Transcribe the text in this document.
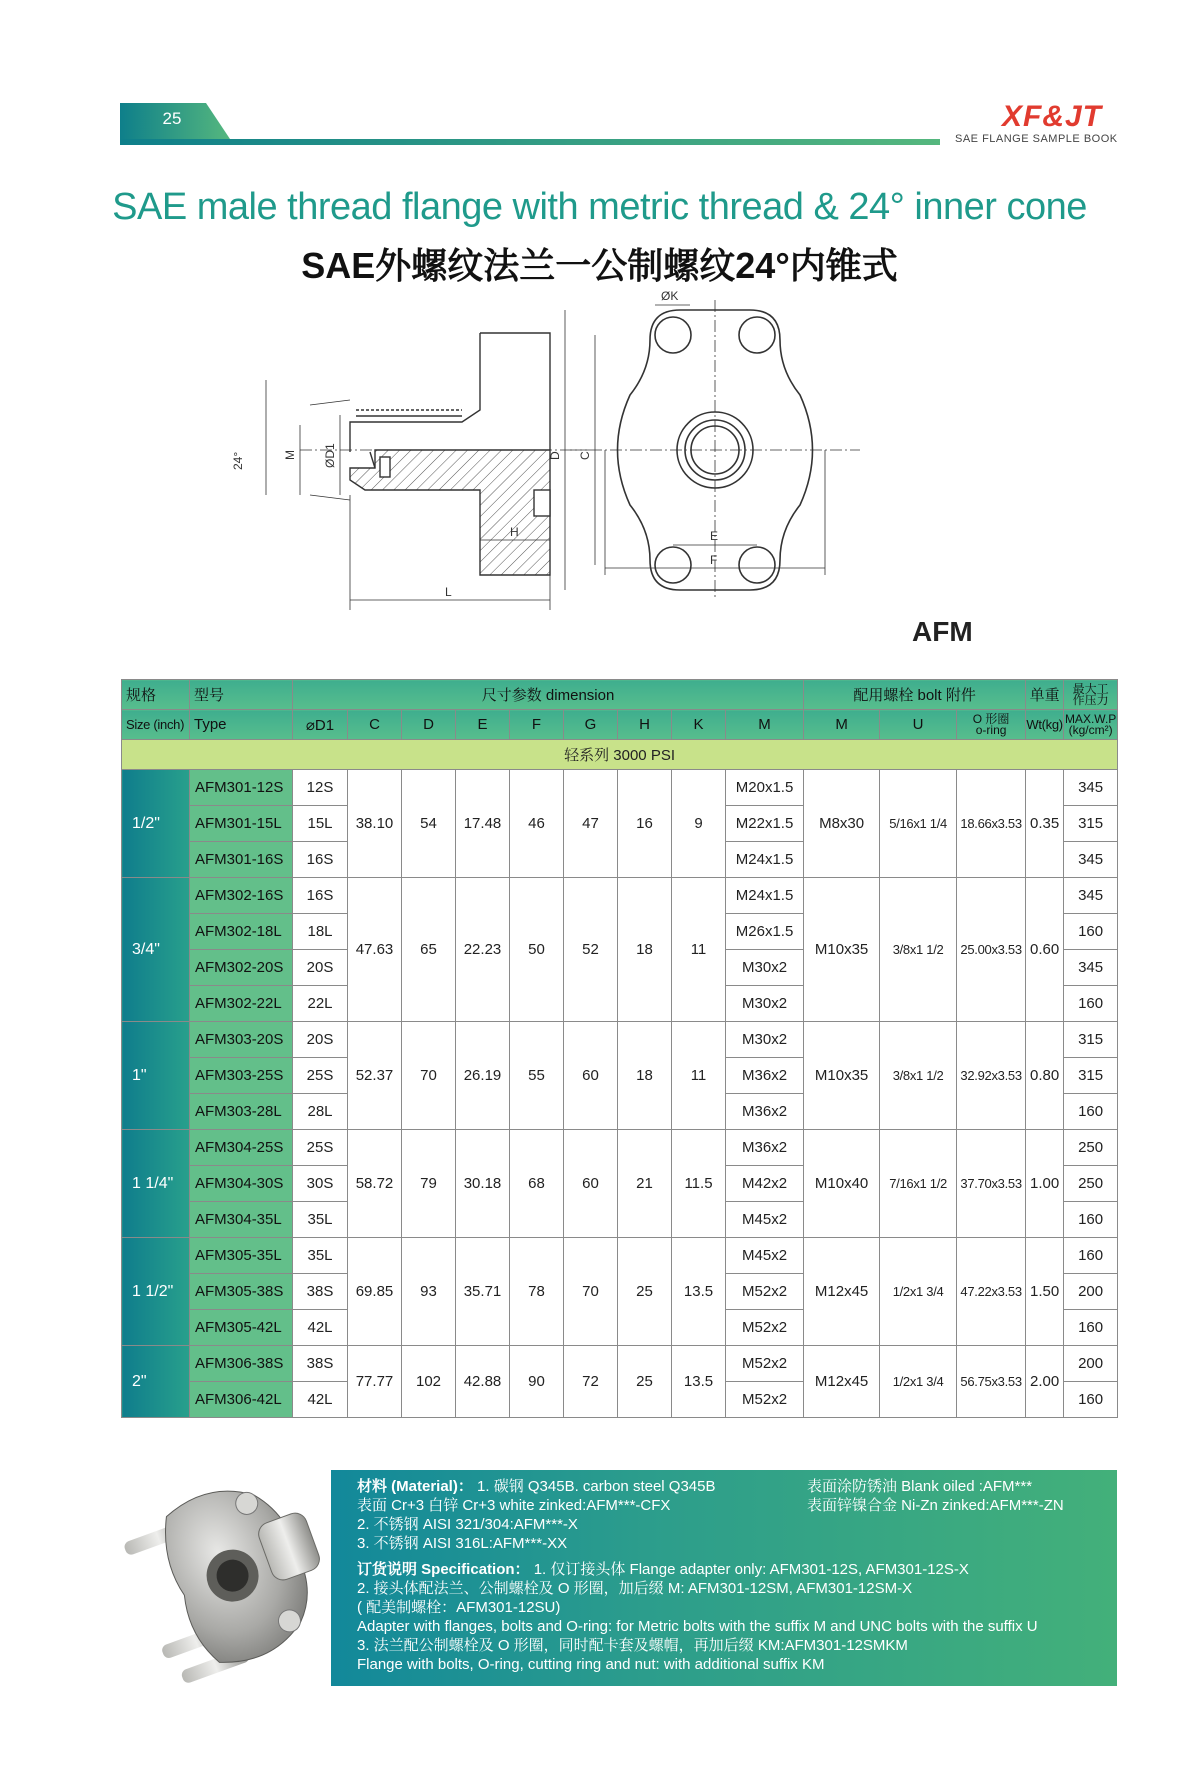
25	XF&JT
SAE FLANGE SAMPLE BOOK
SAE male thread flange with metric thread & 24° inner cone
SAE外螺纹法兰一公制螺纹24°内锥式
24°	M ØD1
H
L
ØK
D C
E
F
AFM
规格	型号	尺寸参数 dimension									配用螺栓 bolt 附件			单重	最大工
作压力
Size (inch)	Type	⌀D1	C	D	E	F	G	H	K	M	M	U	O 形圈
o-ring	Wt(kg)	MAX.W.P
(kg/cm²)
轻系列 3000 PSI															
1/2"	AFM301-12S	12S	38.10	54	17.48	46	47	16	9	M20x1.5	M8x30	5/16x1 1/4	18.66x3.53	0.35	345
	AFM301-15L	15L								M22x1.5					315
	AFM301-16S	16S								M24x1.5					345
3/4"	AFM302-16S	16S	47.63	65	22.23	50	52	18	11	M24x1.5	M10x35	3/8x1 1/2	25.00x3.53	0.60	345
	AFM302-18L	18L								M26x1.5					160
	AFM302-20S	20S								M30x2					345
	AFM302-22L	22L								M30x2					160
1"	AFM303-20S	20S	52.37	70	26.19	55	60	18	11	M30x2	M10x35	3/8x1 1/2	32.92x3.53	0.80	315
	AFM303-25S	25S								M36x2					315
	AFM303-28L	28L								M36x2					160
1 1/4"	AFM304-25S	25S	58.72	79	30.18	68	60	21	11.5	M36x2	M10x40	7/16x1 1/2	37.70x3.53	1.00	250
	AFM304-30S	30S								M42x2					250
	AFM304-35L	35L								M45x2					160
1 1/2"	AFM305-35L	35L	69.85	93	35.71	78	70	25	13.5	M45x2	M12x45	1/2x1 3/4	47.22x3.53	1.50	160
	AFM305-38S	38S								M52x2					200
	AFM305-42L	42L								M52x2					160
2"	AFM306-38S	38S	77.77	102	42.88	90	72	25	13.5	M52x2	M12x45	1/2x1 3/4	56.75x3.53	2.00	200
	AFM306-42L	42L								M52x2					160
材料 (Material)： 1. 碳钢 Q345B. carbon steel Q345B	表面涂防锈油 Blank oiled :AFM***
表面 Cr+3 白锌 Cr+3 white zinked:AFM***-CFX	表面锌镍合金 Ni-Zn zinked:AFM***-ZN
2. 不锈钢 AISI 321/304:AFM***-X
3. 不锈钢 AISI 316L:AFM***-XX
订货说明 Specification： 1. 仅订接头体 Flange adapter only: AFM301-12S, AFM301-12S-X
2. 接头体配法兰、公制螺栓及 O 形圈，加后缀 M: AFM301-12SM, AFM301-12SM-X
( 配美制螺栓：AFM301-12SU)
Adapter with flanges, bolts and O-ring: for Metric bolts with the suffix M and UNC bolts with the suffix U
3. 法兰配公制螺栓及 O 形圈，同时配卡套及螺帽，再加后缀 KM:AFM301-12SMKM
Flange with bolts, O-ring, cutting ring and nut: with additional suffix KM
